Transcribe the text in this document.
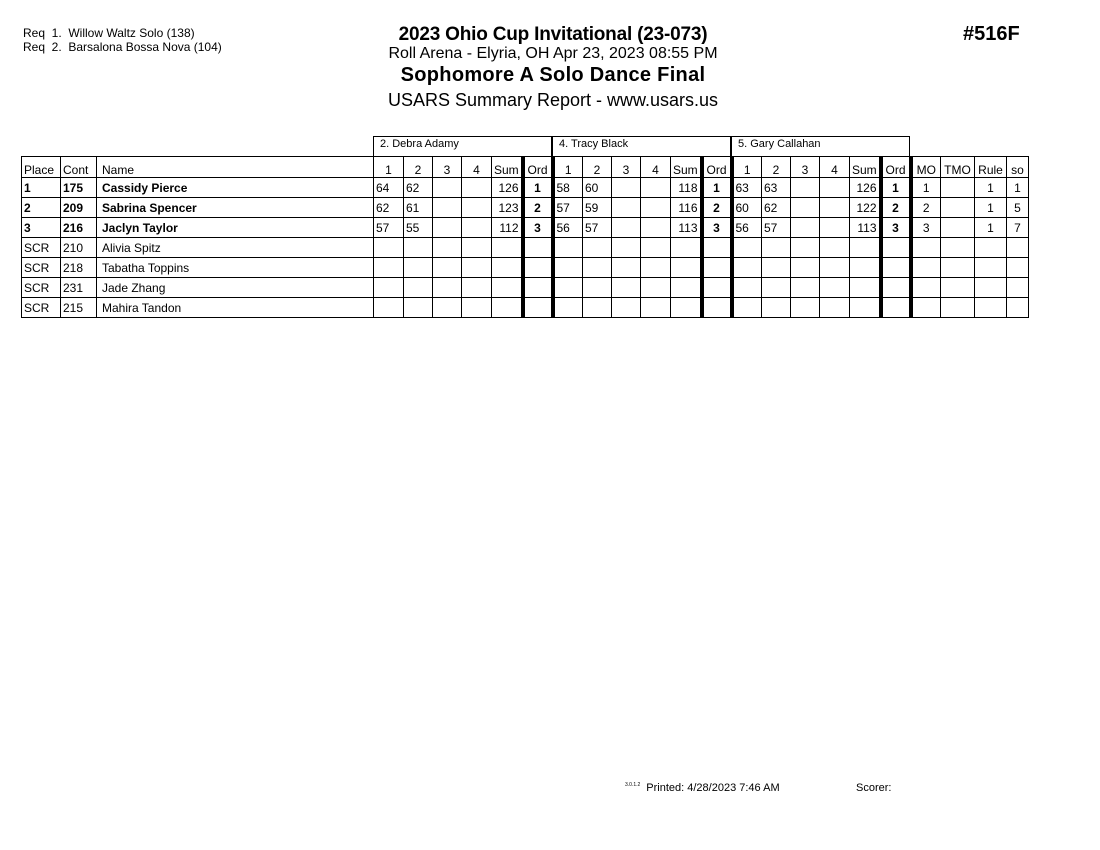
Req  1.  Willow Waltz Solo (138)
Req  2.  Barsalona Bossa Nova (104)
2023 Ohio Cup Invitational (23-073)
Roll Arena - Elyria, OH Apr 23, 2023 08:55 PM
Sophomore A Solo Dance Final
USARS Summary Report - www.usars.us
#516F
2. Debra Adamy	4. Tracy Black	5. Gary Callahan
Place	Cont	Name	1	2	3	4	Sum	Ord	1	2	3	4	Sum	Ord	1	2	3	4	Sum	Ord	MO	TMO	Rule	so
1	175	Cassidy Pierce	64	62			126	1	58	60			118	1	63	63			126	1	1		1	1
2	209	Sabrina Spencer	62	61			123	2	57	59			116	2	60	62			122	2	2		1	5
3	216	Jaclyn Taylor	57	55			112	3	56	57			113	3	56	57			113	3	3		1	7
SCR	210	Alivia Spitz																						
SCR	218	Tabatha Toppins																						
SCR	231	Jade Zhang																						
SCR	215	Mahira Tandon																						
$^{3.0.1.2}$ Printed: 4/28/2023 7:46 AM	Scorer:
